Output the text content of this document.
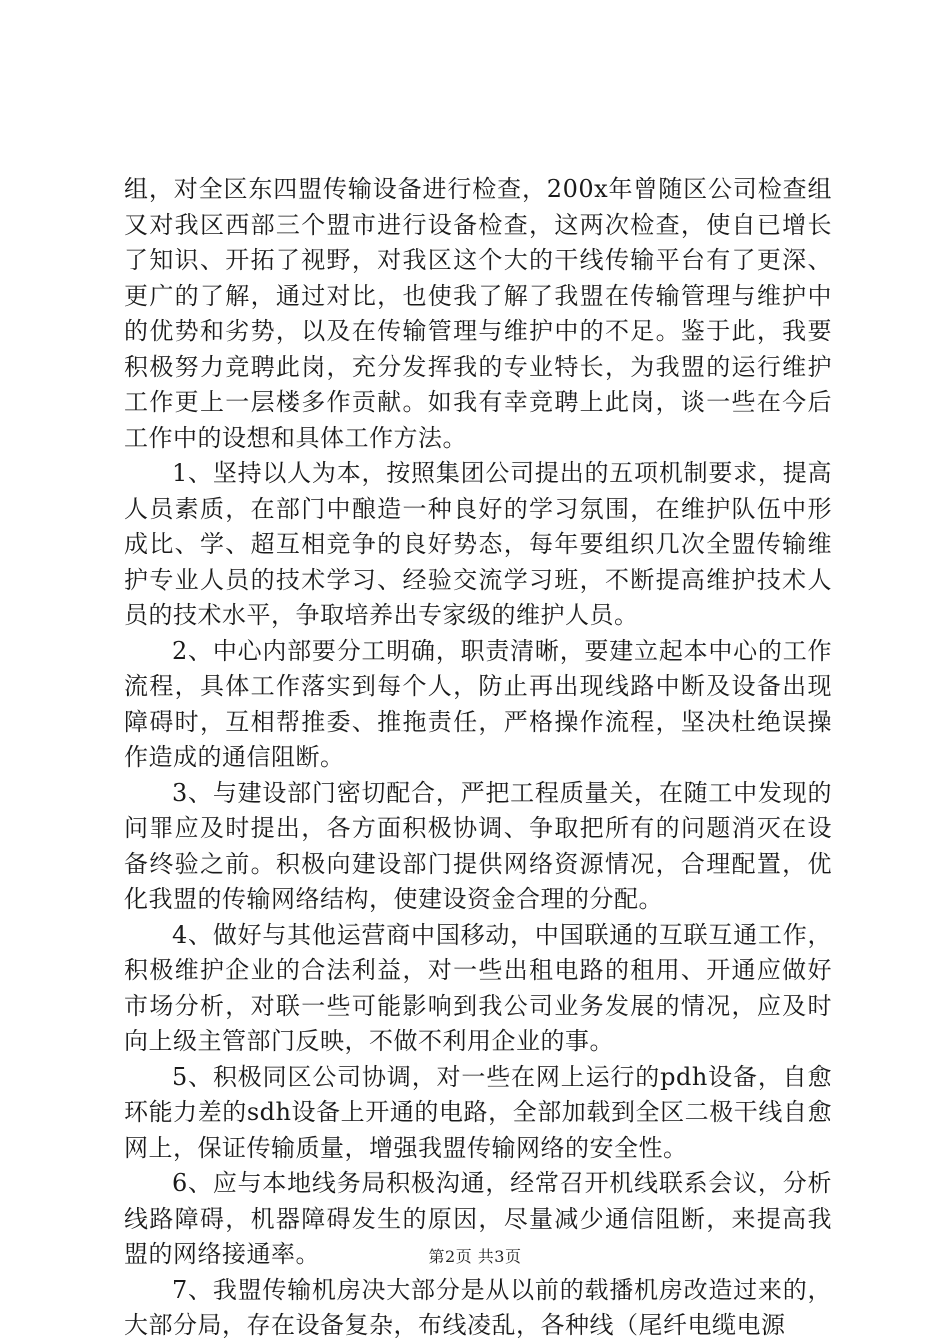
组，对全区东四盟传输设备进行检查，200x年曾随区公司检查组又对我区西部三个盟市进行设备检查，这两次检查，使自已增长了知识、开拓了视野，对我区这个大的干线传输平台有了更深、更广的了解，通过对比，也使我了解了我盟在传输管理与维护中的优势和劣势，以及在传输管理与维护中的不足。鉴于此，我要积极努力竞聘此岗，充分发挥我的专业特长，为我盟的运行维护工作更上一层楼多作贡献。如我有幸竞聘上此岗，谈一些在今后工作中的设想和具体工作方法。

1、坚持以人为本，按照集团公司提出的五项机制要求，提高人员素质，在部门中酿造一种良好的学习氛围，在维护队伍中形成比、学、超互相竞争的良好势态，每年要组织几次全盟传输维护专业人员的技术学习、经验交流学习班，不断提高维护技术人员的技术水平，争取培养出专家级的维护人员。

2、中心内部要分工明确，职责清晰，要建立起本中心的工作流程，具体工作落实到每个人，防止再出现线路中断及设备出现障碍时，互相帮推委、推拖责任，严格操作流程，坚决杜绝误操作造成的通信阻断。

3、与建设部门密切配合，严把工程质量关，在随工中发现的问罪应及时提出，各方面积极协调、争取把所有的问题消灭在设备终验之前。积极向建设部门提供网络资源情况，合理配置，优化我盟的传输网络结构，使建设资金合理的分配。

4、做好与其他运营商中国移动，中国联通的互联互通工作，积极维护企业的合法利益，对一些出租电路的租用、开通应做好市场分析，对联一些可能影响到我公司业务发展的情况，应及时向上级主管部门反映，不做不利用企业的事。

5、积极同区公司协调，对一些在网上运行的pdh设备，自愈环能力差的sdh设备上开通的电路，全部加载到全区二极干线自愈网上，保证传输质量，增强我盟传输网络的安全性。

6、应与本地线务局积极沟通，经常召开机线联系会议，分析线路障碍，机器障碍发生的原因，尽量减少通信阻断，来提高我盟的网络接通率。

7、我盟传输机房决大部分是从以前的载播机房改造过来的，大部分局，存在设备复杂，布线凌乱，各种线（尾纤电缆电源

第2页 共3页
